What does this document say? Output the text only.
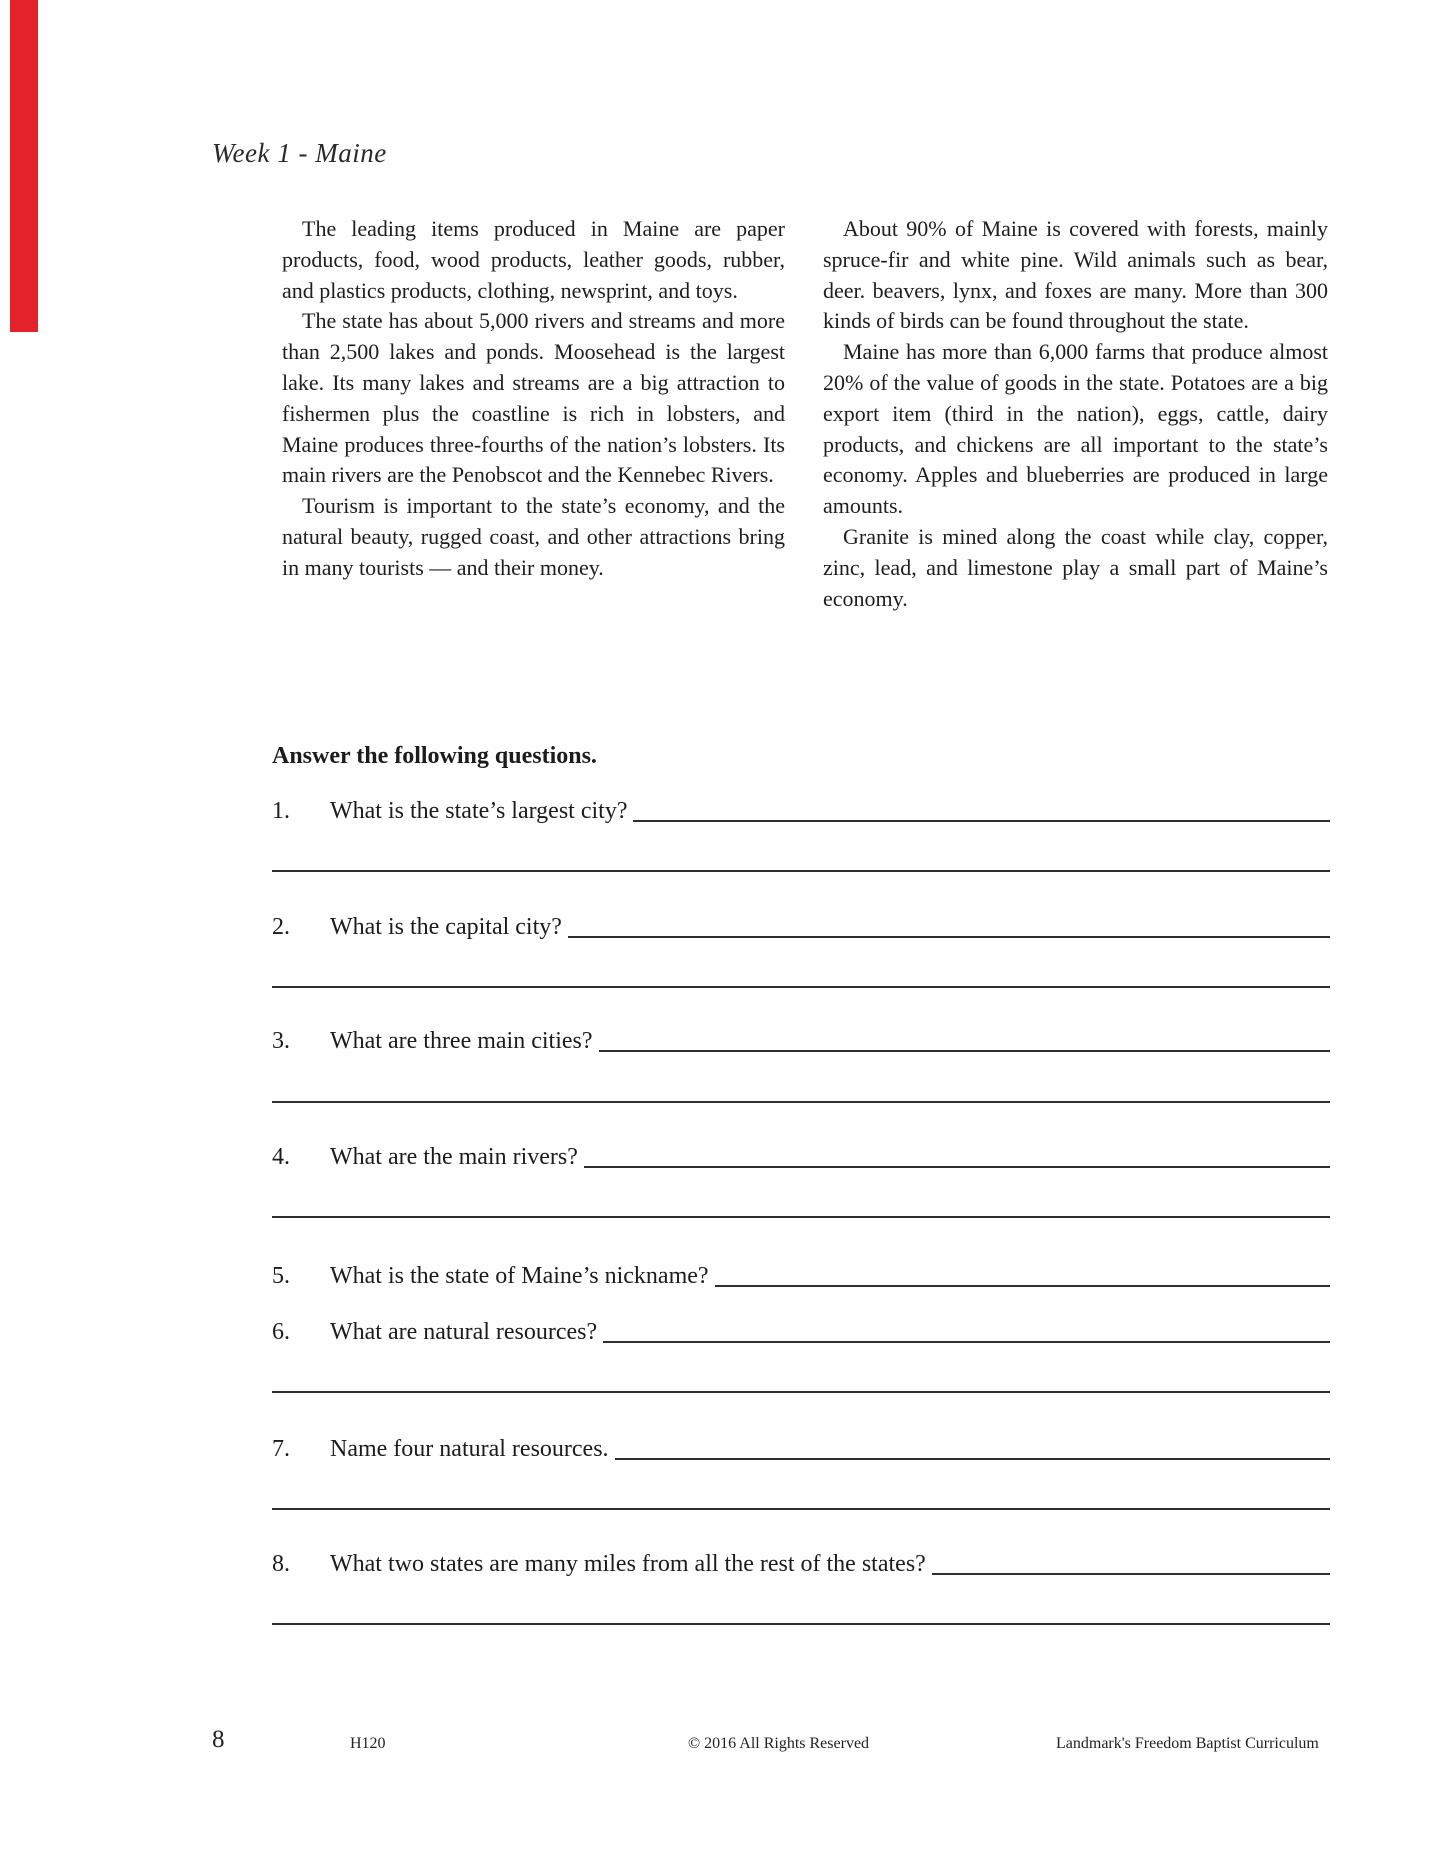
Week 1 - Maine

The leading items produced in Maine are paper products, food, wood products, leather goods, rubber, and plastics products, clothing, newsprint, and toys.

The state has about 5,000 rivers and streams and more than 2,500 lakes and ponds. Moosehead is the largest lake. Its many lakes and streams are a big attraction to fishermen plus the coastline is rich in lobsters, and Maine produces three-fourths of the nation’s lobsters. Its main rivers are the Penobscot and the Kennebec Rivers.

Tourism is important to the state’s economy, and the natural beauty, rugged coast, and other attractions bring in many tourists — and their money.

About 90% of Maine is covered with forests, mainly spruce-fir and white pine. Wild animals such as bear, deer. beavers, lynx, and foxes are many. More than 300 kinds of birds can be found throughout the state.

Maine has more than 6,000 farms that produce almost 20% of the value of goods in the state. Potatoes are a big export item (third in the nation), eggs, cattle, dairy products, and chickens are all important to the state’s economy. Apples and blueberries are produced in large amounts.

Granite is mined along the coast while clay, copper, zinc, lead, and limestone play a small part of Maine’s economy.

Answer the following questions.
1.	What is the state’s largest city?
2.	What is the capital city?
3.	What are three main cities?
4.	What are the main rivers?
5.	What is the state of Maine’s nickname?
6.	What are natural resources?
7.	Name four natural resources.
8.	What two states are many miles from all the rest of the states?
8	H120	© 2016 All Rights Reserved	Landmark's Freedom Baptist Curriculum
